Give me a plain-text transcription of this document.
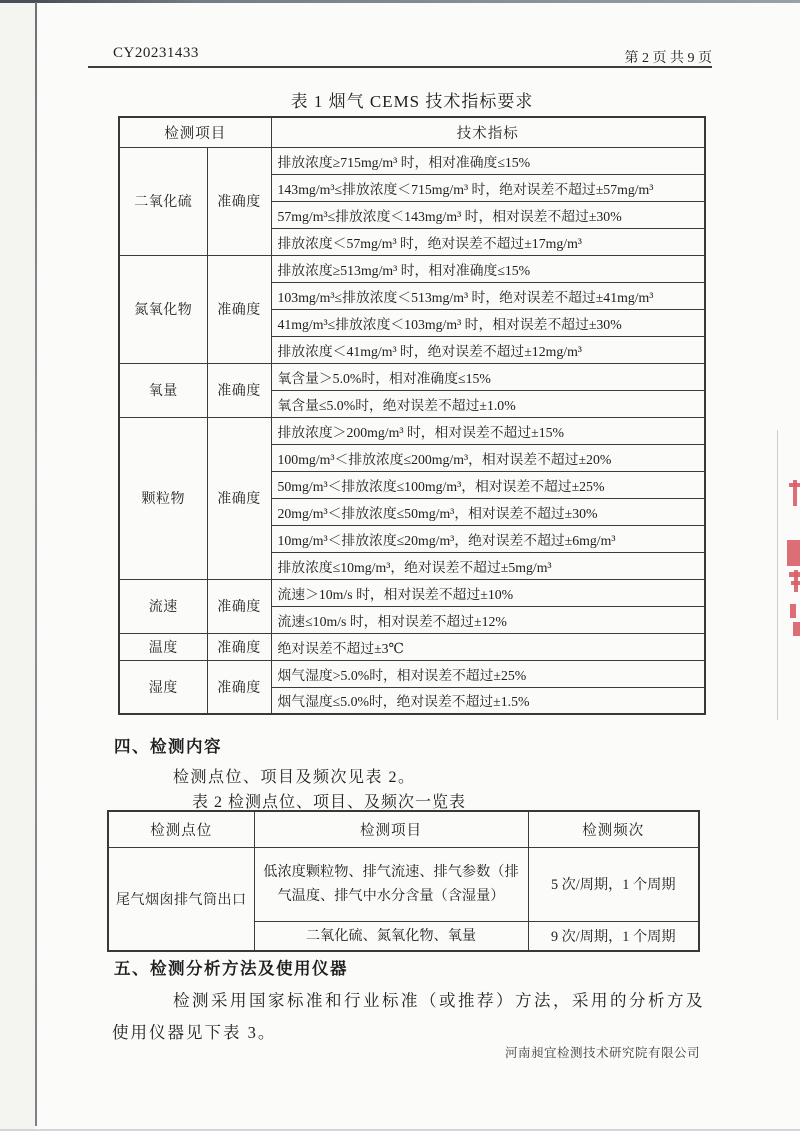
CY20231433	第 2 页 共 9 页
表 1 烟气 CEMS 技术指标要求
检测项目		技术指标
二氧化硫	准确度	排放浓度≥715mg/m³ 时，相对准确度≤15%
		143mg/m³≤排放浓度＜715mg/m³ 时，绝对误差不超过±57mg/m³
		57mg/m³≤排放浓度＜143mg/m³ 时，相对误差不超过±30%
		排放浓度＜57mg/m³ 时，绝对误差不超过±17mg/m³
氮氧化物	准确度	排放浓度≥513mg/m³ 时，相对准确度≤15%
		103mg/m³≤排放浓度＜513mg/m³ 时，绝对误差不超过±41mg/m³
		41mg/m³≤排放浓度＜103mg/m³ 时，相对误差不超过±30%
		排放浓度＜41mg/m³ 时，绝对误差不超过±12mg/m³
氧量	准确度	氧含量＞5.0%时，相对准确度≤15%
		氧含量≤5.0%时，绝对误差不超过±1.0%
颗粒物	准确度	排放浓度＞200mg/m³ 时，相对误差不超过±15%
		100mg/m³＜排放浓度≤200mg/m³，相对误差不超过±20%
		50mg/m³＜排放浓度≤100mg/m³，相对误差不超过±25%
		20mg/m³＜排放浓度≤50mg/m³，相对误差不超过±30%
		10mg/m³＜排放浓度≤20mg/m³，绝对误差不超过±6mg/m³
		排放浓度≤10mg/m³，绝对误差不超过±5mg/m³
流速	准确度	流速＞10m/s 时，相对误差不超过±10%
		流速≤10m/s 时，相对误差不超过±12%
温度	准确度	绝对误差不超过±3℃
湿度	准确度	烟气湿度>5.0%时，相对误差不超过±25%
		烟气湿度≤5.0%时，绝对误差不超过±1.5%
四、检测内容
检测点位、项目及频次见表 2。
表 2 检测点位、项目、及频次一览表
检测点位	检测项目	检测频次
尾气烟囱排气筒出口	低浓度颗粒物、排气流速、排气参数（排气温度、排气中水分含量（含湿量）	5 次/周期，1 个周期
	二氧化硫、氮氧化物、氧量	9 次/周期，1 个周期
五、检测分析方法及使用仪器
检测采用国家标准和行业标准（或推荐）方法，采用的分析方及
使用仪器见下表 3。
河南昶宜检测技术研究院有限公司
